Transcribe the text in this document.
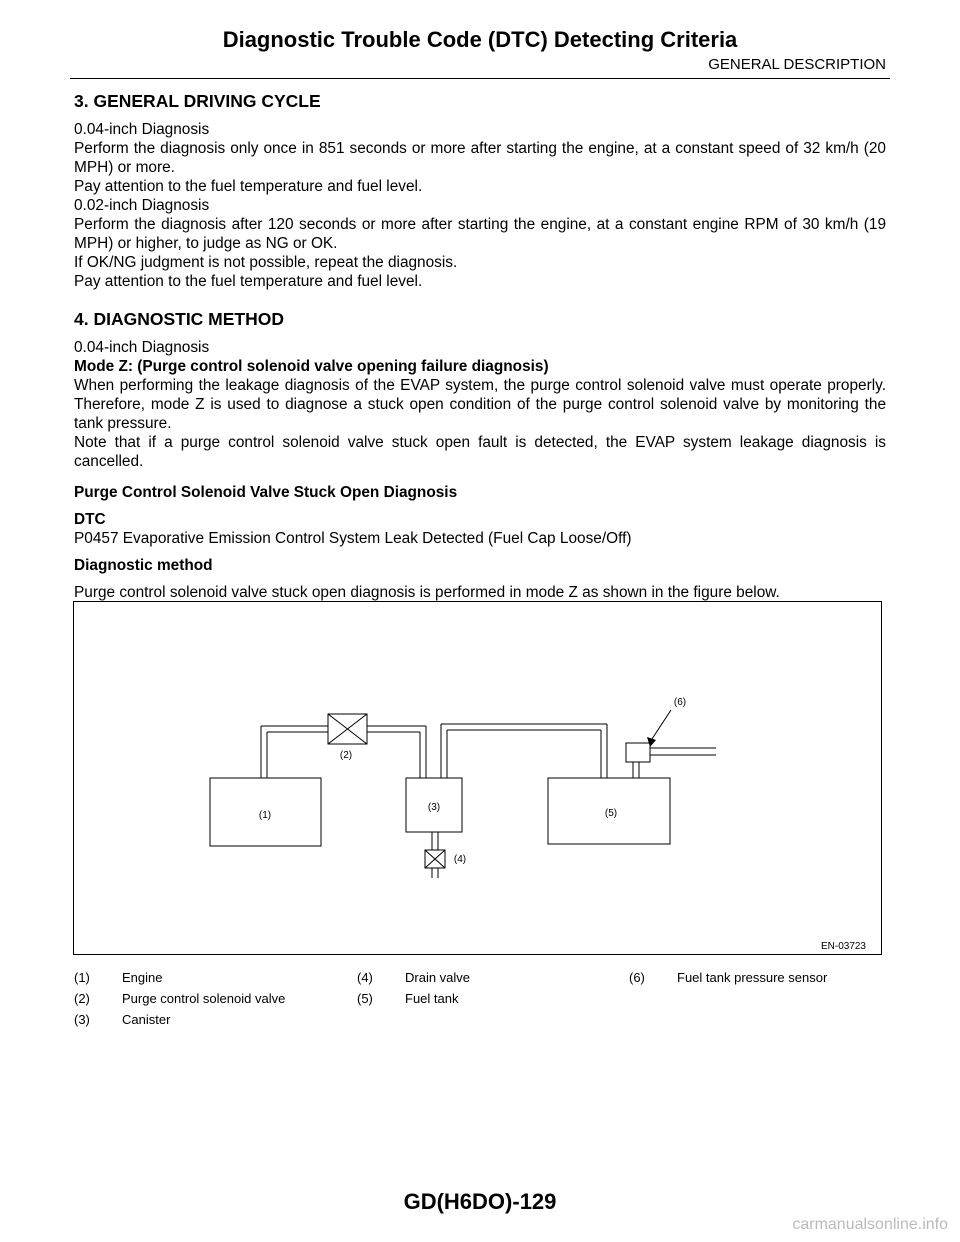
Diagnostic Trouble Code (DTC) Detecting Criteria
GENERAL DESCRIPTION
3. GENERAL DRIVING CYCLE

0.04-inch Diagnosis

Perform the diagnosis only once in 851 seconds or more after starting the engine, at a constant speed of 32 km/h (20 MPH) or more.

Pay attention to the fuel temperature and fuel level.

0.02-inch Diagnosis

Perform the diagnosis after 120 seconds or more after starting the engine, at a constant engine RPM of 30 km/h (19 MPH) or higher, to judge as NG or OK.

If OK/NG judgment is not possible, repeat the diagnosis.

Pay attention to the fuel temperature and fuel level.

4. DIAGNOSTIC METHOD

0.04-inch Diagnosis

Mode Z: (Purge control solenoid valve opening failure diagnosis)

When performing the leakage diagnosis of the EVAP system, the purge control solenoid valve must operate properly. Therefore, mode Z is used to diagnose a stuck open condition of the purge control solenoid valve by monitoring the tank pressure.

Note that if a purge control solenoid valve stuck open fault is detected, the EVAP system leakage diagnosis is cancelled.

Purge Control Solenoid Valve Stuck Open Diagnosis

DTC

P0457 Evaporative Emission Control System Leak Detected (Fuel Cap Loose/Off)

Diagnostic method

Purge control solenoid valve stuck open diagnosis is performed in mode Z as shown in the figure below.

(1)
(2)
(3)
(4)
(5)
(6)
EN-03723
(1)	Engine
(2)	Purge control solenoid valve
(3)	Canister
(4)	Drain valve
(5)	Fuel tank
(6)	Fuel tank pressure sensor
GD(H6DO)-129
carmanualsonline.info
